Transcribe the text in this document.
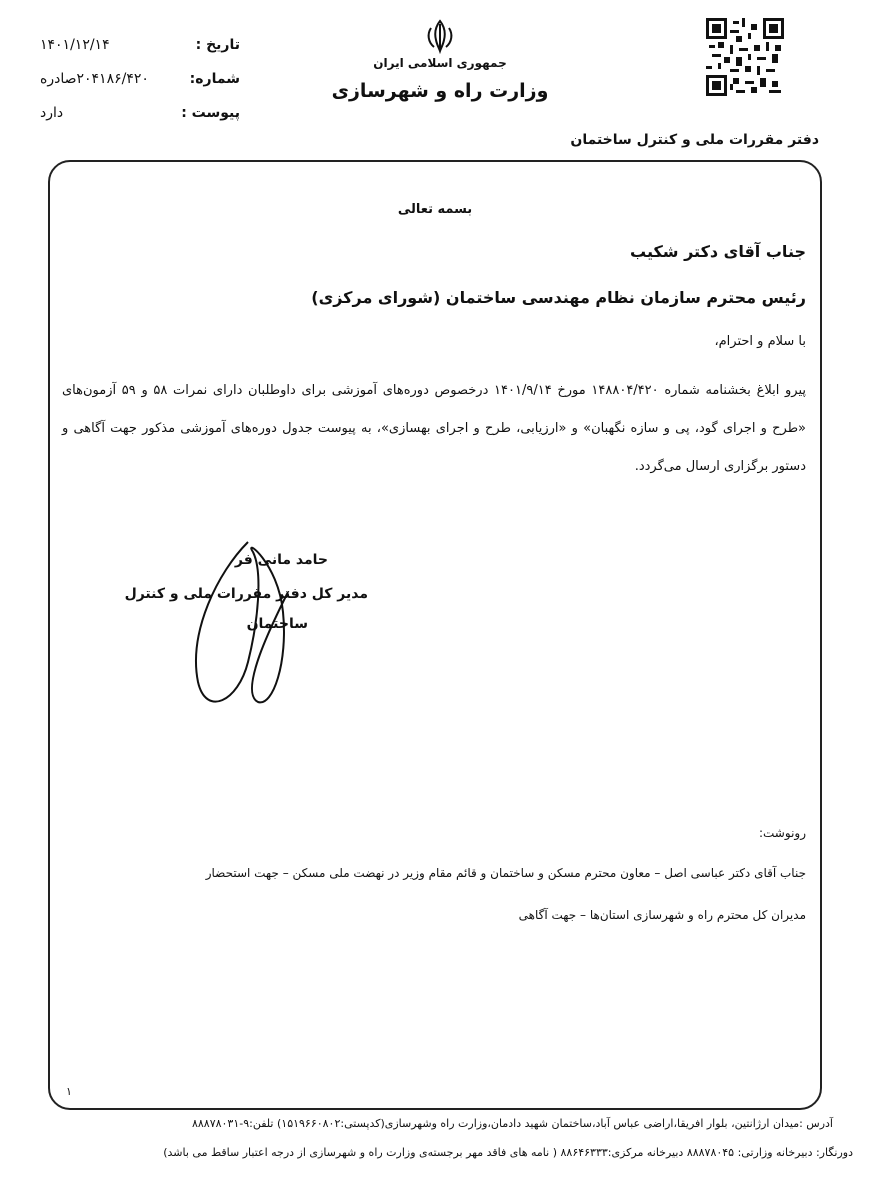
تاریخ :
۱۴۰۱/۱۲/۱۴
شماره:
۲۰۴۱۸۶/۴۲۰صادره
پیوست :
دارد
جمهوری اسلامی ایران
وزارت راه و شهرسازی
دفتر مقررات ملی و کنترل ساختمان
بسمه تعالی
جناب آقای دکتر شکیب
رئیس محترم سازمان نظام مهندسی ساختمان (شورای مرکزی)
با سلام و احترام،
پیرو ابلاغ بخشنامه شماره ۱۴۸۸۰۴/۴۲۰ مورخ ۱۴۰۱/۹/۱۴ درخصوص دوره‌های آموزشی برای داوطلبان دارای نمرات ۵۸ و ۵۹ آزمون‌های «طرح و اجرای گود، پی و سازه نگهبان» و «ارزیابی، طرح و اجرای بهسازی»، به پیوست جدول دوره‌های آموزشی مذکور جهت آگاهی و دستور برگزاری ارسال می‌گردد.
حامد مانی فر
مدیر کل دفتر مقررات ملی و کنترل
ساختمان
رونوشت:
جناب آقای دکتر عباسی اصل – معاون محترم مسکن و ساختمان و قائم مقام وزیر در نهضت ملی مسکن – جهت استحضار
مدیران کل محترم راه و شهرسازی استان‌ها – جهت آگاهی
۱
آدرس :میدان ارژانتین، بلوار افریقا،اراضی عباس آباد،ساختمان شهید دادمان،وزارت راه وشهرسازی(کدپستی:۱۵۱۹۶۶۰۸۰۲) تلفن:۹-۸۸۸۷۸۰۳۱
دورنگار: دبیرخانه وزارتی: ۸۸۸۷۸۰۴۵ دبیرخانه مرکزی:۸۸۶۴۶۳۳۳ ( نامه های فاقد مهر برجسته‌ی وزارت راه و شهرسازی از درجه اعتبار ساقط می باشد)
